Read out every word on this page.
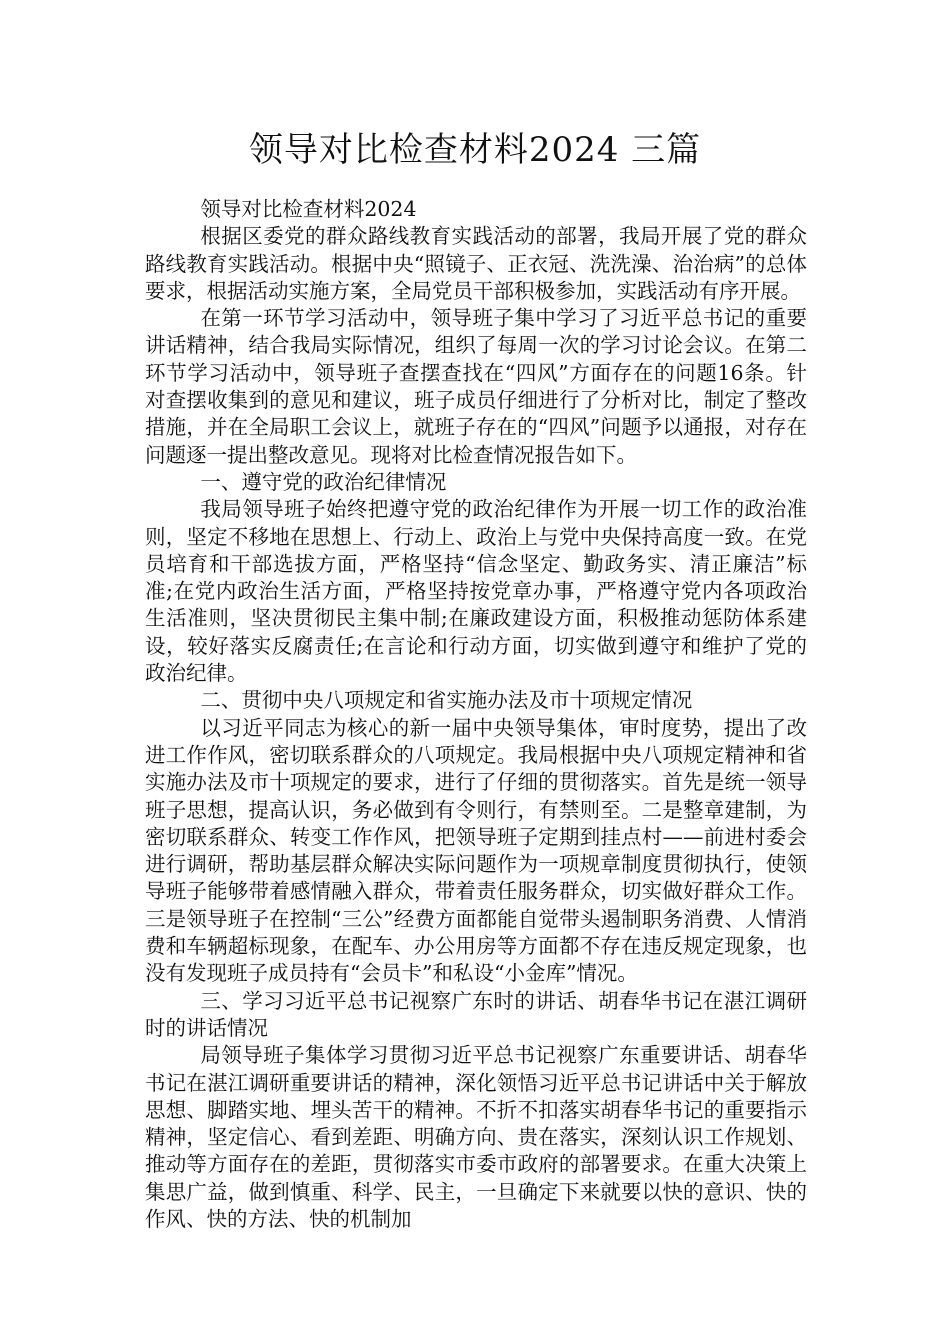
领导对比检查材料2024 三篇

领导对比检查材料2024

根据区委党的群众路线教育实践活动的部署，我局开展了党的群众路线教育实践活动。根据中央“照镜子、正衣冠、洗洗澡、治治病”的总体要求，根据活动实施方案，全局党员干部积极参加，实践活动有序开展。

在第一环节学习活动中，领导班子集中学习了习近平总书记的重要讲话精神，结合我局实际情况，组织了每周一次的学习讨论会议。在第二环节学习活动中，领导班子查摆查找在“四风”方面存在的问题16条。针对查摆收集到的意见和建议，班子成员仔细进行了分析对比，制定了整改措施，并在全局职工会议上，就班子存在的“四风”问题予以通报，对存在问题逐一提出整改意见。现将对比检查情况报告如下。

一、遵守党的政治纪律情况

我局领导班子始终把遵守党的政治纪律作为开展一切工作的政治准则，坚定不移地在思想上、行动上、政治上与党中央保持高度一致。在党员培育和干部选拔方面，严格坚持“信念坚定、勤政务实、清正廉洁”标准;在党内政治生活方面，严格坚持按党章办事，严格遵守党内各项政治生活准则，坚决贯彻民主集中制;在廉政建设方面，积极推动惩防体系建设，较好落实反腐责任;在言论和行动方面，切实做到遵守和维护了党的政治纪律。

二、贯彻中央八项规定和省实施办法及市十项规定情况

以习近平同志为核心的新一届中央领导集体，审时度势，提出了改进工作作风，密切联系群众的八项规定。我局根据中央八项规定精神和省实施办法及市十项规定的要求，进行了仔细的贯彻落实。首先是统一领导班子思想，提高认识，务必做到有令则行，有禁则至。二是整章建制，为密切联系群众、转变工作作风，把领导班子定期到挂点村——前进村委会进行调研，帮助基层群众解决实际问题作为一项规章制度贯彻执行，使领导班子能够带着感情融入群众，带着责任服务群众，切实做好群众工作。三是领导班子在控制“三公”经费方面都能自觉带头遏制职务消费、人情消费和车辆超标现象，在配车、办公用房等方面都不存在违反规定现象，也没有发现班子成员持有“会员卡”和私设“小金库”情况。

三、学习习近平总书记视察广东时的讲话、胡春华书记在湛江调研时的讲话情况

局领导班子集体学习贯彻习近平总书记视察广东重要讲话、胡春华书记在湛江调研重要讲话的精神，深化领悟习近平总书记讲话中关于解放思想、脚踏实地、埋头苦干的精神。不折不扣落实胡春华书记的重要指示精神，坚定信心、看到差距、明确方向、贵在落实，深刻认识工作规划、推动等方面存在的差距，贯彻落实市委市政府的部署要求。在重大决策上集思广益，做到慎重、科学、民主，一旦确定下来就要以快的意识、快的作风、快的方法、快的机制加
